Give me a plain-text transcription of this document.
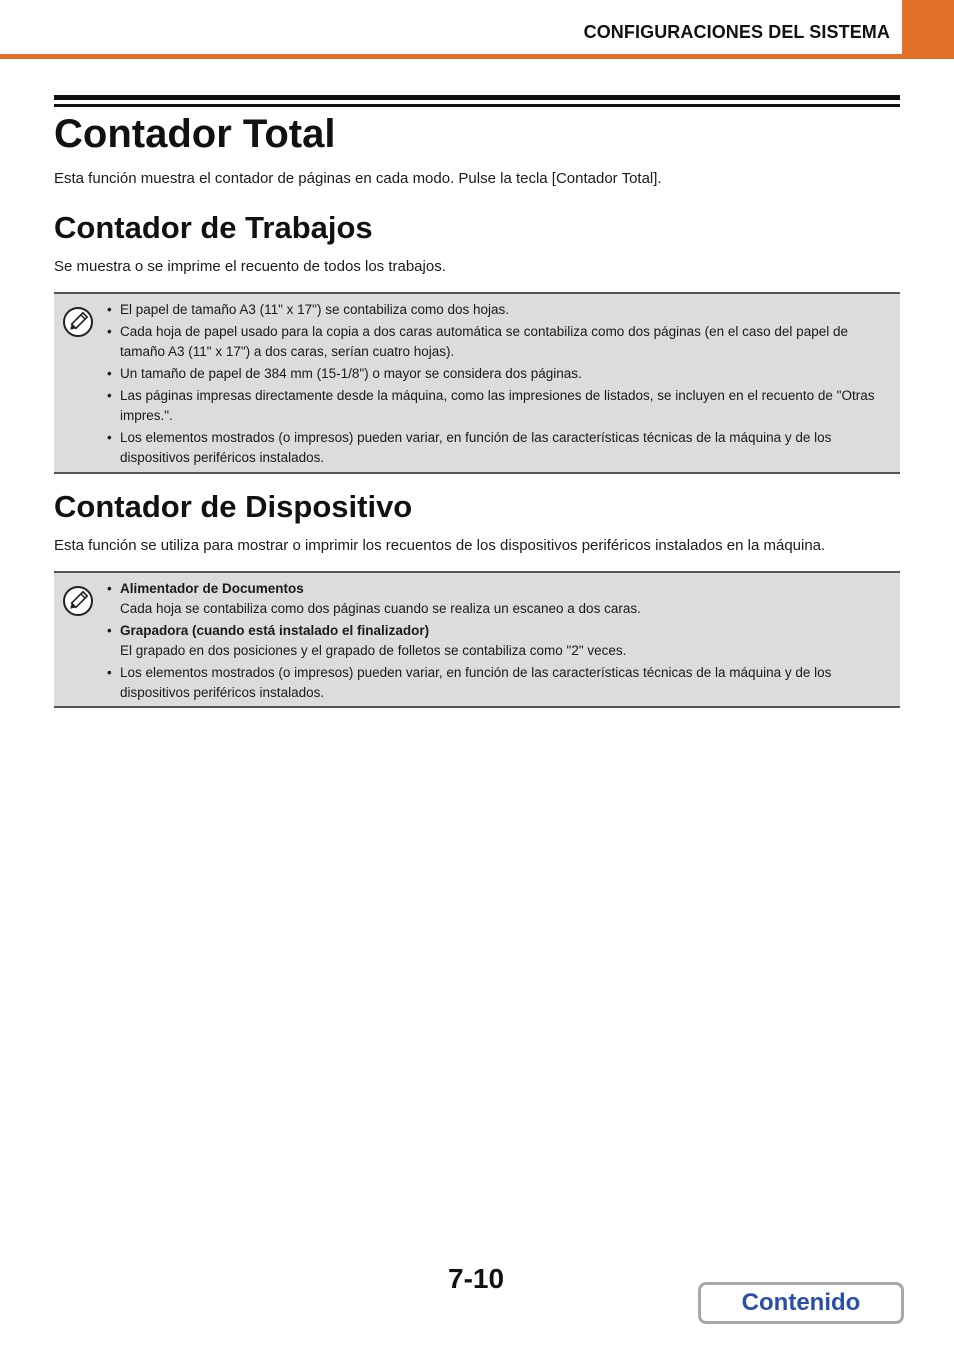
CONFIGURACIONES DEL SISTEMA
Contador Total

Esta función muestra el contador de páginas en cada modo. Pulse la tecla [Contador Total].

Contador de Trabajos

Se muestra o se imprime el recuento de todos los trabajos.

• El papel de tamaño A3 (11" x 17") se contabiliza como dos hojas.
• Cada hoja de papel usado para la copia a dos caras automática se contabiliza como dos páginas (en el caso del papel de tamaño A3 (11" x 17") a dos caras, serían cuatro hojas).
• Un tamaño de papel de 384 mm (15-1/8") o mayor se considera dos páginas.
• Las páginas impresas directamente desde la máquina, como las impresiones de listados, se incluyen en el recuento de "Otras impres.".
• Los elementos mostrados (o impresos) pueden variar, en función de las características técnicas de la máquina y de los dispositivos periféricos instalados.
Contador de Dispositivo

Esta función se utiliza para mostrar o imprimir los recuentos de los dispositivos periféricos instalados en la máquina.

• Alimentador de Documentos
Cada hoja se contabiliza como dos páginas cuando se realiza un escaneo a dos caras.
• Grapadora (cuando está instalado el finalizador)
El grapado en dos posiciones y el grapado de folletos se contabiliza como "2" veces.
• Los elementos mostrados (o impresos) pueden variar, en función de las características técnicas de la máquina y de los dispositivos periféricos instalados.
7-10
Contenido
